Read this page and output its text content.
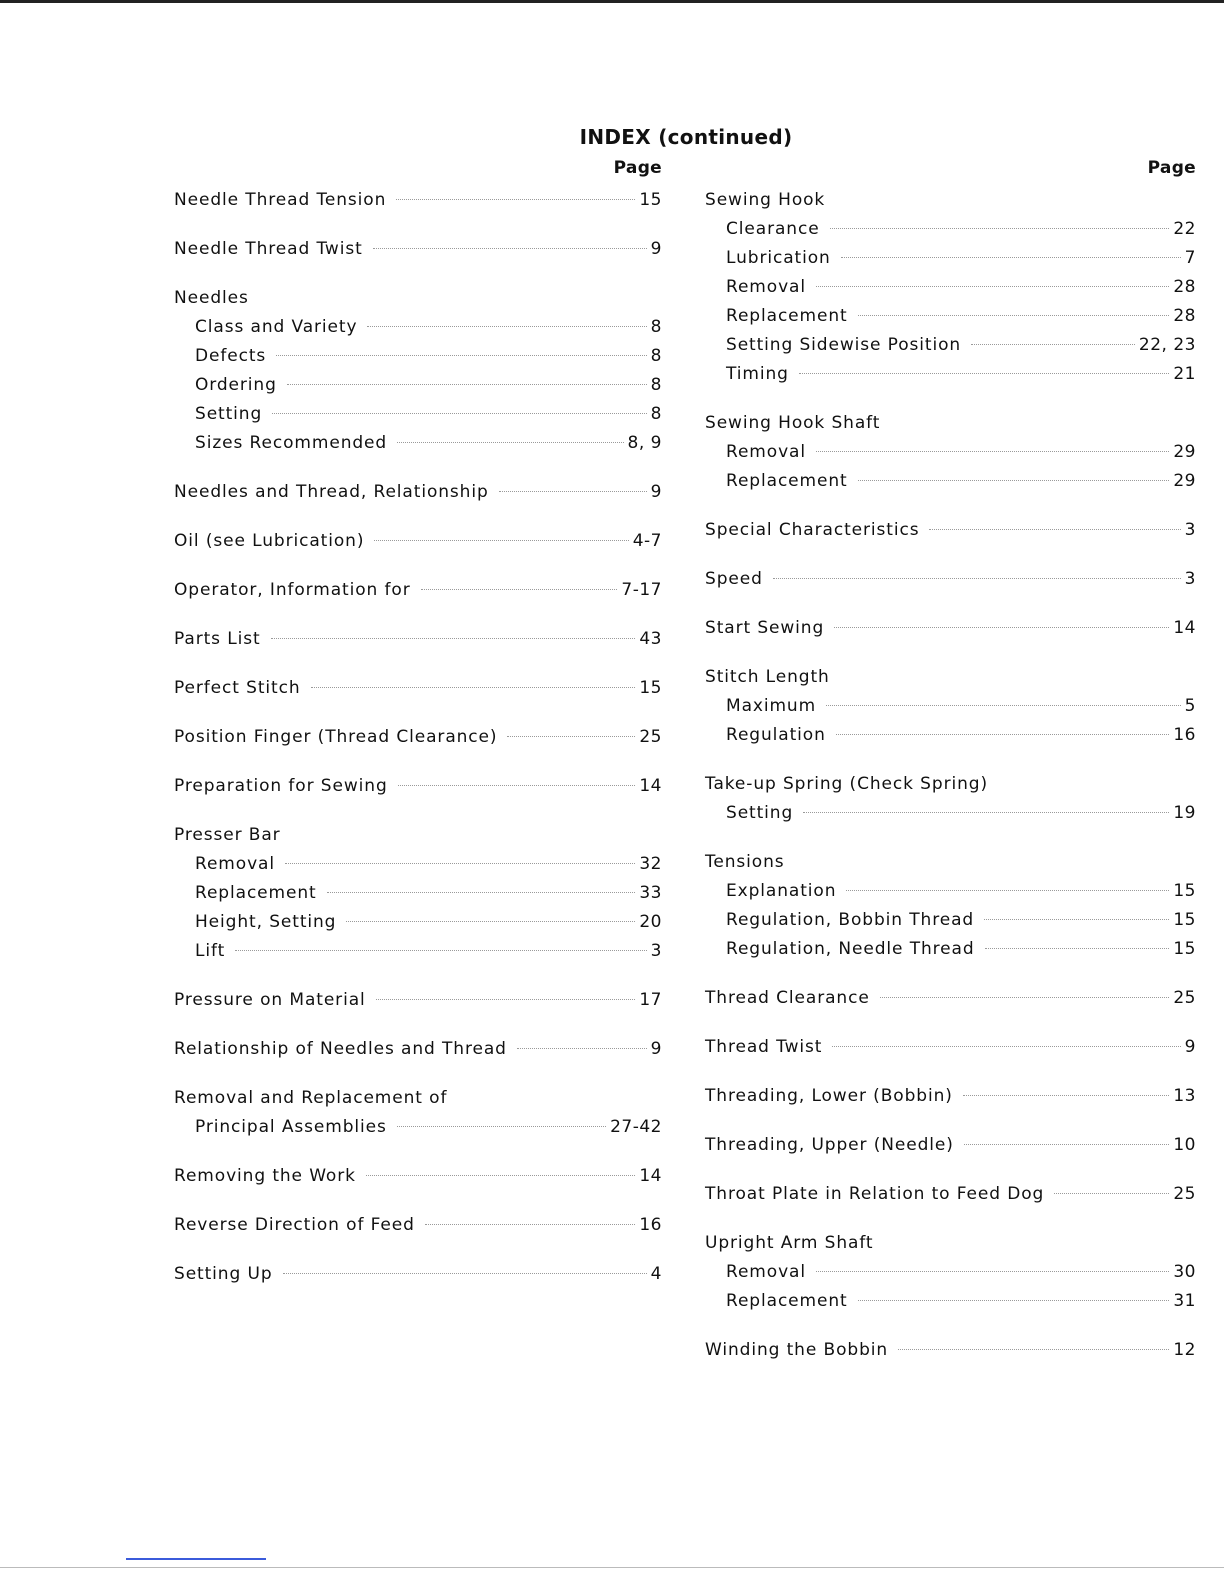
INDEX (continued)
Page
Needle Thread Tension	15
Needle Thread Twist	9
Needles
Class and Variety	8
Defects	8
Ordering	8
Setting	8
Sizes Recommended	8, 9
Needles and Thread, Relationship	9
Oil (see Lubrication)	4-7
Operator, Information for	7-17
Parts List	43
Perfect Stitch	15
Position Finger (Thread Clearance)	25
Preparation for Sewing	14
Presser Bar
Removal	32
Replacement	33
Height, Setting	20
Lift	3
Pressure on Material	17
Relationship of Needles and Thread	9
Removal and Replacement of
Principal Assemblies	27-42
Removing the Work	14
Reverse Direction of Feed	16
Setting Up	4
Page
Sewing Hook
Clearance	22
Lubrication	7
Removal	28
Replacement	28
Setting Sidewise Position	22, 23
Timing	21
Sewing Hook Shaft
Removal	29
Replacement	29
Special Characteristics	3
Speed	3
Start Sewing	14
Stitch Length
Maximum	5
Regulation	16
Take-up Spring (Check Spring)
Setting	19
Tensions
Explanation	15
Regulation, Bobbin Thread	15
Regulation, Needle Thread	15
Thread Clearance	25
Thread Twist	9
Threading, Lower (Bobbin)	13
Threading, Upper (Needle)	10
Throat Plate in Relation to Feed Dog	25
Upright Arm Shaft
Removal	30
Replacement	31
Winding the Bobbin	12
